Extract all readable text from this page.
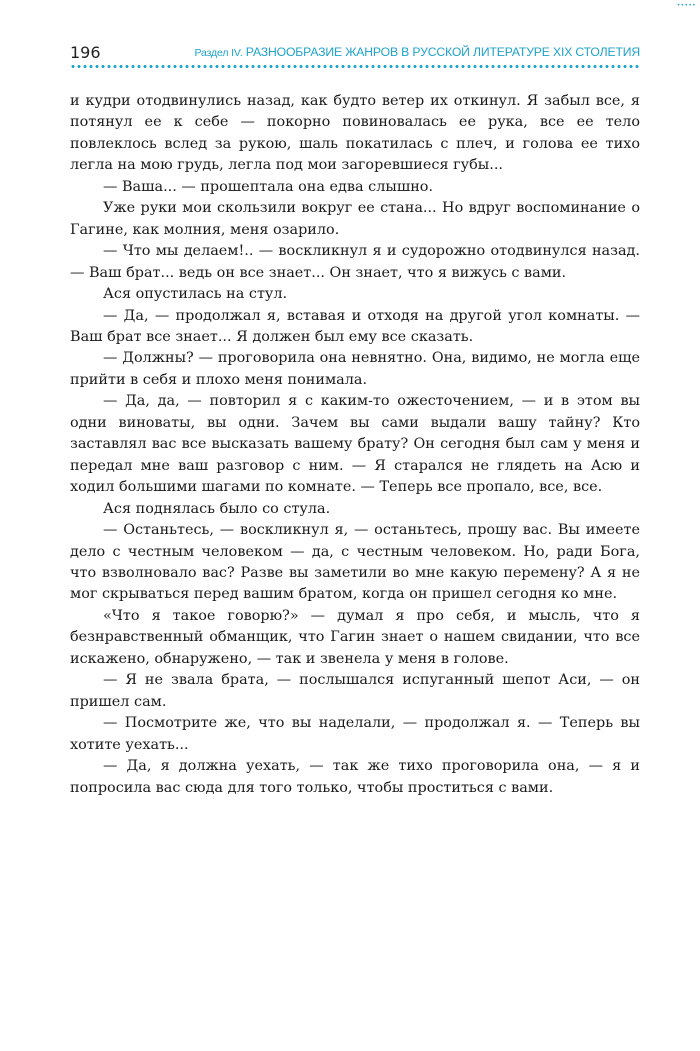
•••••
196	Раздел IV. РАЗНООБРАЗИЕ ЖАНРОВ В РУССКОЙ ЛИТЕРАТУРЕ XIX СТОЛЕТИЯ

и кудри отодвинулись назад, как будто ветер их откинул. Я забыл все, я потянул ее к себе — покорно повиновалась ее рука, все ее тело повлеклось вслед за рукою, шаль покатилась с плеч, и голова ее тихо легла на мою грудь, легла под мои загоревшиеся губы...

— Ваша... — прошептала она едва слышно.

Уже руки мои скользили вокруг ее стана... Но вдруг воспоминание о Гагине, как молния, меня озарило.

— Что мы делаем!.. — воскликнул я и судорожно отодвинулся назад. — Ваш брат... ведь он все знает... Он знает, что я вижусь с вами.

Ася опустилась на стул.

— Да, — продолжал я, вставая и отходя на другой угол комнаты. — Ваш брат все знает... Я должен был ему все сказать.

— Должны? — проговорила она невнятно. Она, видимо, не могла еще прийти в себя и плохо меня понимала.

— Да, да, — повторил я с каким-то ожесточением, — и в этом вы одни виноваты, вы одни. Зачем вы сами выдали вашу тайну? Кто заставлял вас все высказать вашему брату? Он сегодня был сам у меня и передал мне ваш разговор с ним. — Я старался не глядеть на Асю и ходил большими шагами по комнате. — Теперь все пропало, все, все.

Ася поднялась было со стула.

— Останьтесь, — воскликнул я, — останьтесь, прошу вас. Вы имеете дело с честным человеком — да, с честным человеком. Но, ради Бога, что взволновало вас? Разве вы заметили во мне какую перемену? А я не мог скрываться перед вашим братом, когда он пришел сегодня ко мне.

«Что я такое говорю?» — думал я про себя, и мысль, что я безнравственный обманщик, что Гагин знает о нашем свидании, что все искажено, обнаружено, — так и звенела у меня в голове.

— Я не звала брата, — послышался испуганный шепот Аси, — он пришел сам.

— Посмотрите же, что вы наделали, — продолжал я. — Теперь вы хотите уехать...

— Да, я должна уехать, — так же тихо проговорила она, — я и попросила вас сюда для того только, чтобы проститься с вами.
